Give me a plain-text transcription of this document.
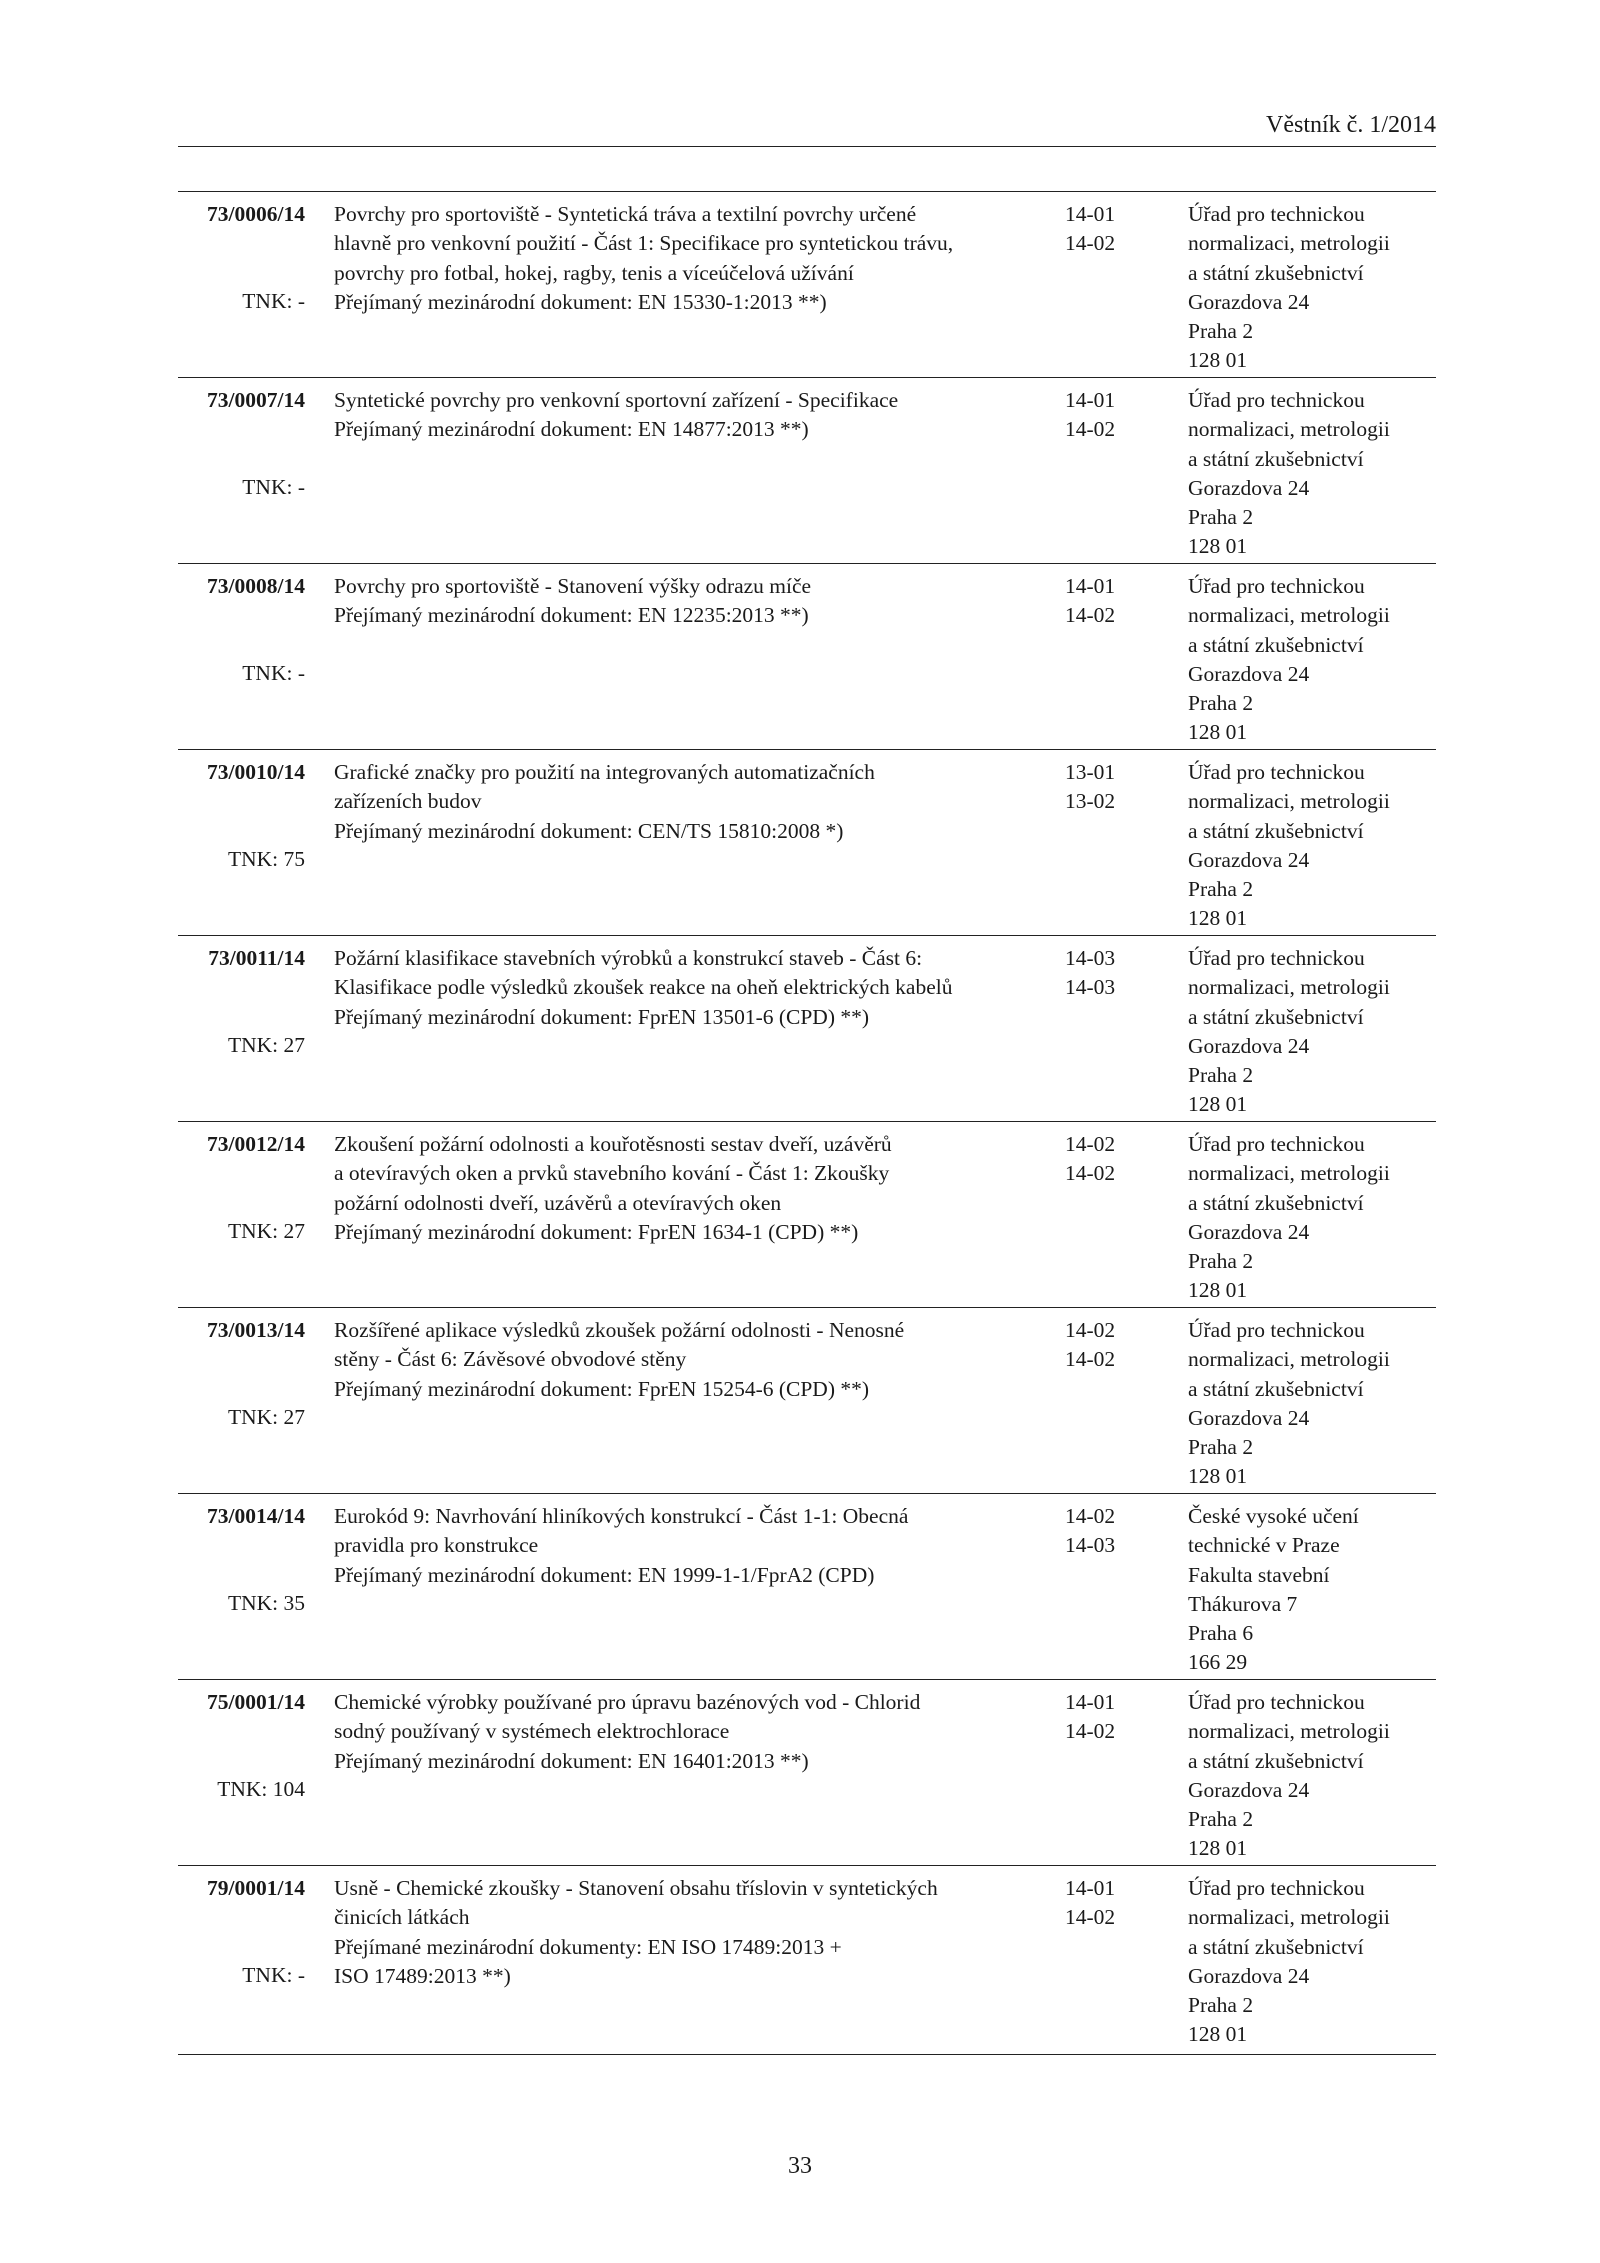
Věstník č. 1/2014
73/0006/14
TNK: -
Povrchy pro sportoviště - Syntetická tráva a textilní povrchy určené
hlavně pro venkovní použití - Část 1: Specifikace pro syntetickou trávu,
povrchy pro fotbal, hokej, ragby, tenis a víceúčelová užívání
Přejímaný mezinárodní dokument: EN 15330-1:2013 **)
14-01
14-02
Úřad pro technickou
normalizaci, metrologii
a státní zkušebnictví
Gorazdova 24
Praha 2
128 01
73/0007/14
TNK: -
Syntetické povrchy pro venkovní sportovní zařízení - Specifikace
Přejímaný mezinárodní dokument: EN 14877:2013 **)
14-01
14-02
Úřad pro technickou
normalizaci, metrologii
a státní zkušebnictví
Gorazdova 24
Praha 2
128 01
73/0008/14
TNK: -
Povrchy pro sportoviště - Stanovení výšky odrazu míče
Přejímaný mezinárodní dokument: EN 12235:2013 **)
14-01
14-02
Úřad pro technickou
normalizaci, metrologii
a státní zkušebnictví
Gorazdova 24
Praha 2
128 01
73/0010/14
TNK: 75
Grafické značky pro použití na integrovaných automatizačních
zařízeních budov
Přejímaný mezinárodní dokument: CEN/TS 15810:2008 *)
13-01
13-02
Úřad pro technickou
normalizaci, metrologii
a státní zkušebnictví
Gorazdova 24
Praha 2
128 01
73/0011/14
TNK: 27
Požární klasifikace stavebních výrobků a konstrukcí staveb - Část 6:
Klasifikace podle výsledků zkoušek reakce na oheň elektrických kabelů
Přejímaný mezinárodní dokument: FprEN 13501-6 (CPD) **)
14-03
14-03
Úřad pro technickou
normalizaci, metrologii
a státní zkušebnictví
Gorazdova 24
Praha 2
128 01
73/0012/14
TNK: 27
Zkoušení požární odolnosti a kouřotěsnosti sestav dveří, uzávěrů
a otevíravých oken a prvků stavebního kování - Část 1: Zkoušky
požární odolnosti dveří, uzávěrů a otevíravých oken
Přejímaný mezinárodní dokument: FprEN 1634-1 (CPD) **)
14-02
14-02
Úřad pro technickou
normalizaci, metrologii
a státní zkušebnictví
Gorazdova 24
Praha 2
128 01
73/0013/14
TNK: 27
Rozšířené aplikace výsledků zkoušek požární odolnosti - Nenosné
stěny - Část 6: Závěsové obvodové stěny
Přejímaný mezinárodní dokument: FprEN 15254-6 (CPD) **)
14-02
14-02
Úřad pro technickou
normalizaci, metrologii
a státní zkušebnictví
Gorazdova 24
Praha 2
128 01
73/0014/14
TNK: 35
Eurokód 9: Navrhování hliníkových konstrukcí - Část 1-1: Obecná
pravidla pro konstrukce
Přejímaný mezinárodní dokument: EN 1999-1-1/FprA2 (CPD)
14-02
14-03
České vysoké učení
technické v Praze
Fakulta stavební
Thákurova 7
Praha 6
166 29
75/0001/14
TNK: 104
Chemické výrobky používané pro úpravu bazénových vod - Chlorid
sodný používaný v systémech elektrochlorace
Přejímaný mezinárodní dokument: EN 16401:2013 **)
14-01
14-02
Úřad pro technickou
normalizaci, metrologii
a státní zkušebnictví
Gorazdova 24
Praha 2
128 01
79/0001/14
TNK: -
Usně - Chemické zkoušky - Stanovení obsahu tříslovin v syntetických
činicích látkách
Přejímané mezinárodní dokumenty: EN ISO 17489:2013 +
ISO 17489:2013 **)
14-01
14-02
Úřad pro technickou
normalizaci, metrologii
a státní zkušebnictví
Gorazdova 24
Praha 2
128 01
33
